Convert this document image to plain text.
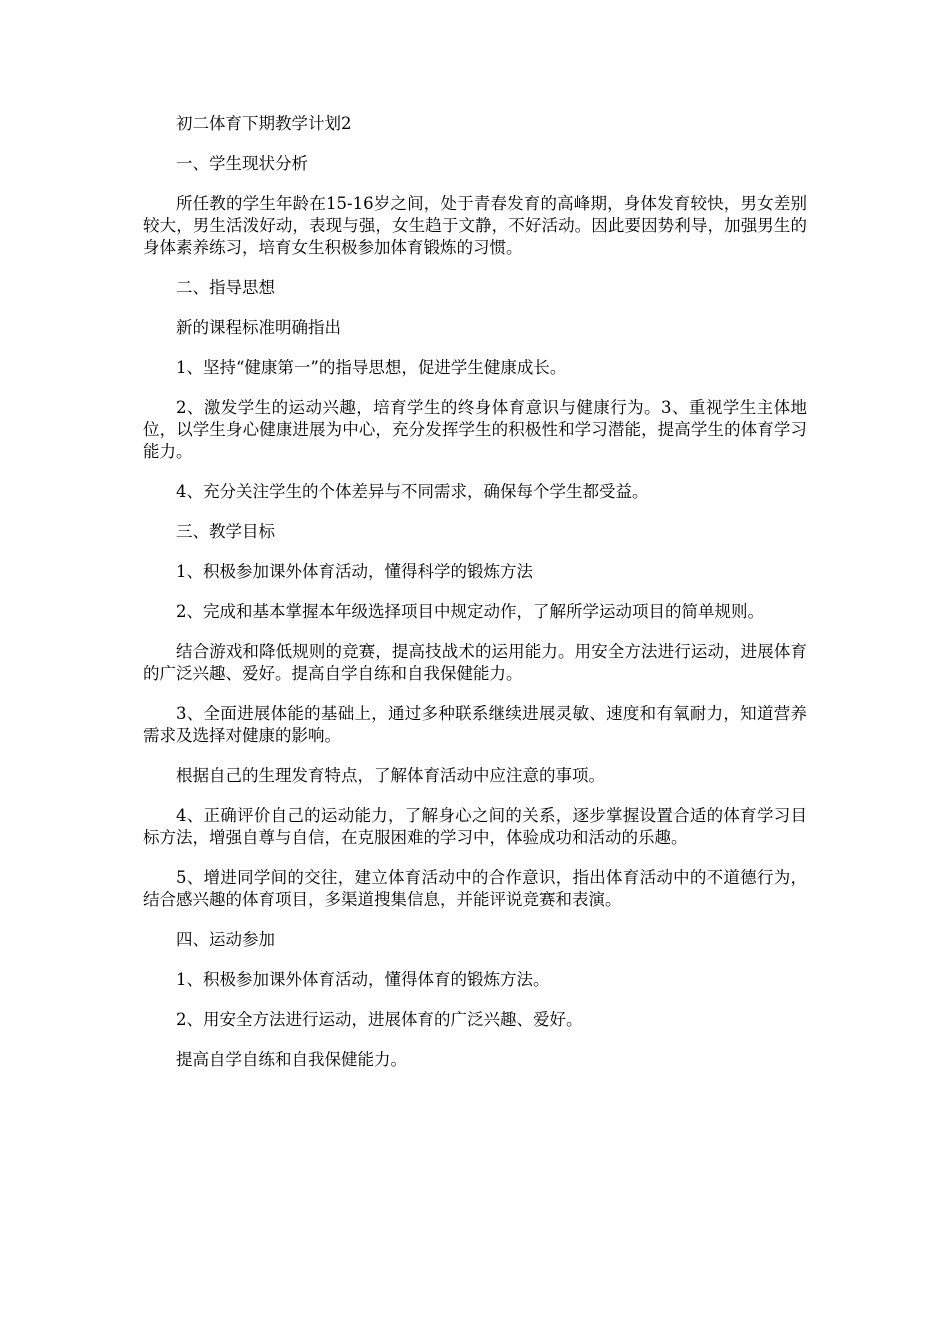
初二体育下期教学计划2

一、学生现状分析

所任教的学生年龄在15-16岁之间，处于青春发育的高峰期，身体发育较快，男女差别较大，男生活泼好动，表现与强，女生趋于文静，不好活动。因此要因势利导，加强男生的身体素养练习，培育女生积极参加体育锻炼的习惯。

二、指导思想

新的课程标准明确指出

1、坚持“健康第一”的指导思想，促进学生健康成长。

2、激发学生的运动兴趣，培育学生的终身体育意识与健康行为。3、重视学生主体地位，以学生身心健康进展为中心，充分发挥学生的积极性和学习潜能，提高学生的体育学习能力。

4、充分关注学生的个体差异与不同需求，确保每个学生都受益。

三、教学目标

1、积极参加课外体育活动，懂得科学的锻炼方法

2、完成和基本掌握本年级选择项目中规定动作，了解所学运动项目的简单规则。

结合游戏和降低规则的竞赛，提高技战术的运用能力。用安全方法进行运动，进展体育的广泛兴趣、爱好。提高自学自练和自我保健能力。

3、全面进展体能的基础上，通过多种联系继续进展灵敏、速度和有氧耐力，知道营养需求及选择对健康的影响。

根据自己的生理发育特点，了解体育活动中应注意的事项。

4、正确评价自己的运动能力，了解身心之间的关系，逐步掌握设置合适的体育学习目标方法，增强自尊与自信，在克服困难的学习中，体验成功和活动的乐趣。

5、增进同学间的交往，建立体育活动中的合作意识，指出体育活动中的不道德行为，结合感兴趣的体育项目，多渠道搜集信息，并能评说竞赛和表演。

四、运动参加

1、积极参加课外体育活动，懂得体育的锻炼方法。

2、用安全方法进行运动，进展体育的广泛兴趣、爱好。

提高自学自练和自我保健能力。
